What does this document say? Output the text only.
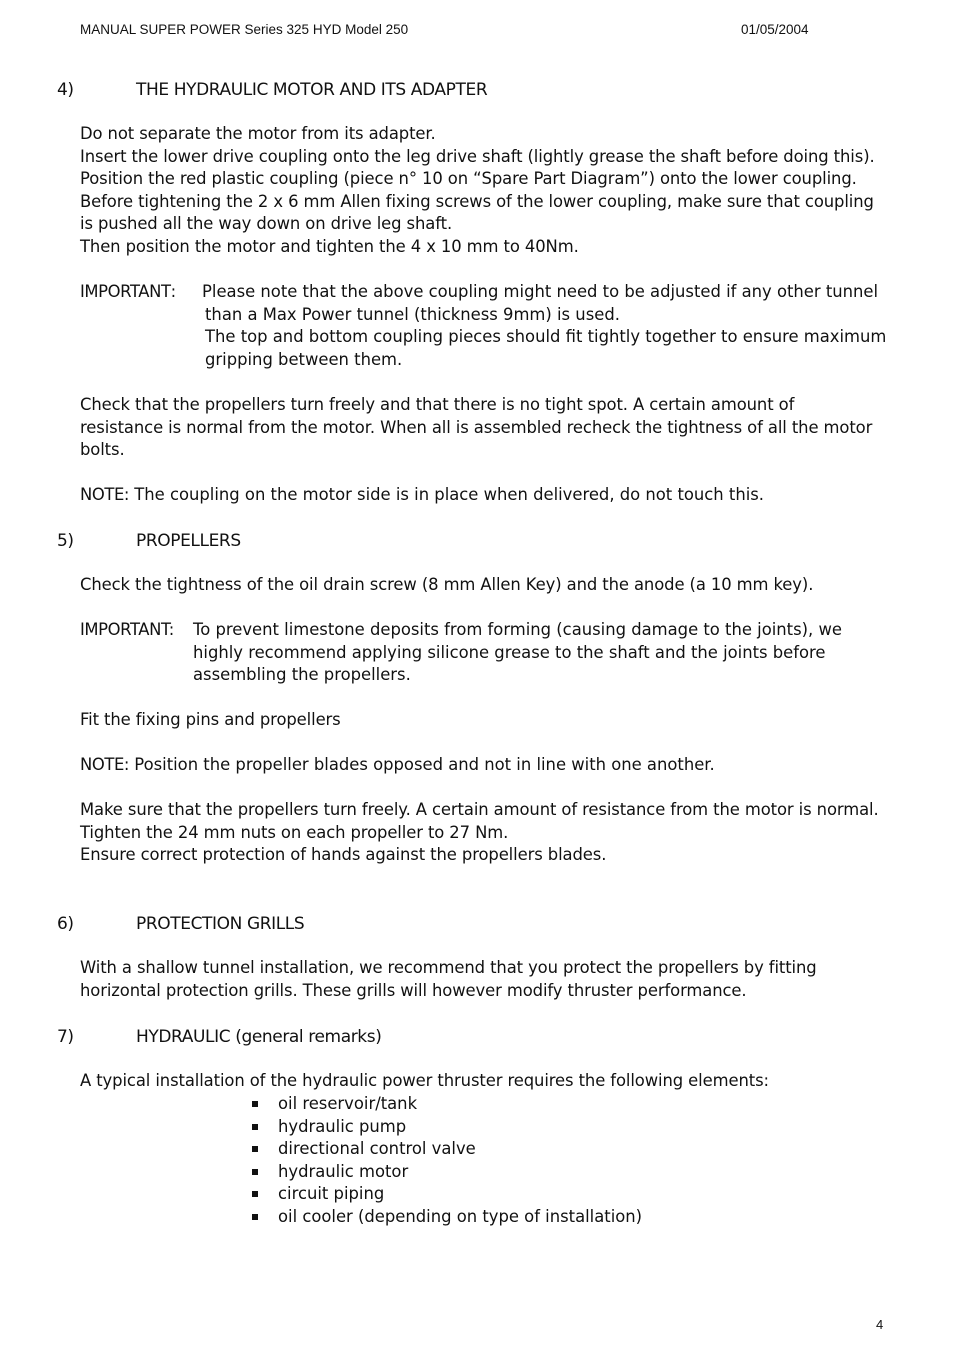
MANUAL SUPER POWER Series 325 HYD Model 250	01/05/2004
4)	THE HYDRAULIC MOTOR AND ITS ADAPTER
Do not separate the motor from its adapter.
Insert the lower drive coupling onto the leg drive shaft (lightly grease the shaft before doing this).
Position the red plastic coupling (piece n° 10 on “Spare Part Diagram”) onto the lower coupling.
Before tightening the 2 x 6 mm Allen fixing screws of the lower coupling, make sure that coupling
is pushed all the way down on drive leg shaft.
Then position the motor and tighten the 4 x 10 mm to 40Nm.
IMPORTANT: Please note that the above coupling might need to be adjusted if any other tunnel
than a Max Power tunnel (thickness 9mm) is used.
The top and bottom coupling pieces should fit tightly together to ensure maximum
gripping between them.
Check that the propellers turn freely and that there is no tight spot. A certain amount of
resistance is normal from the motor. When all is assembled recheck the tightness of all the motor
bolts.
NOTE: The coupling on the motor side is in place when delivered, do not touch this.
5)	PROPELLERS
Check the tightness of the oil drain screw (8 mm Allen Key) and the anode (a 10 mm key).
IMPORTANT: To prevent limestone deposits from forming (causing damage to the joints), we
highly recommend applying silicone grease to the shaft and the joints before
assembling the propellers.
Fit the fixing pins and propellers
NOTE: Position the propeller blades opposed and not in line with one another.
Make sure that the propellers turn freely. A certain amount of resistance from the motor is normal.
Tighten the 24 mm nuts on each propeller to 27 Nm.
Ensure correct protection of hands against the propellers blades.
6)	PROTECTION GRILLS
With a shallow tunnel installation, we recommend that you protect the propellers by fitting
horizontal protection grills. These grills will however modify thruster performance.
7)	HYDRAULIC (general remarks)
A typical installation of the hydraulic power thruster requires the following elements:
oil reservoir/tank
hydraulic pump
directional control valve
hydraulic motor
circuit piping
oil cooler (depending on type of installation)
4
